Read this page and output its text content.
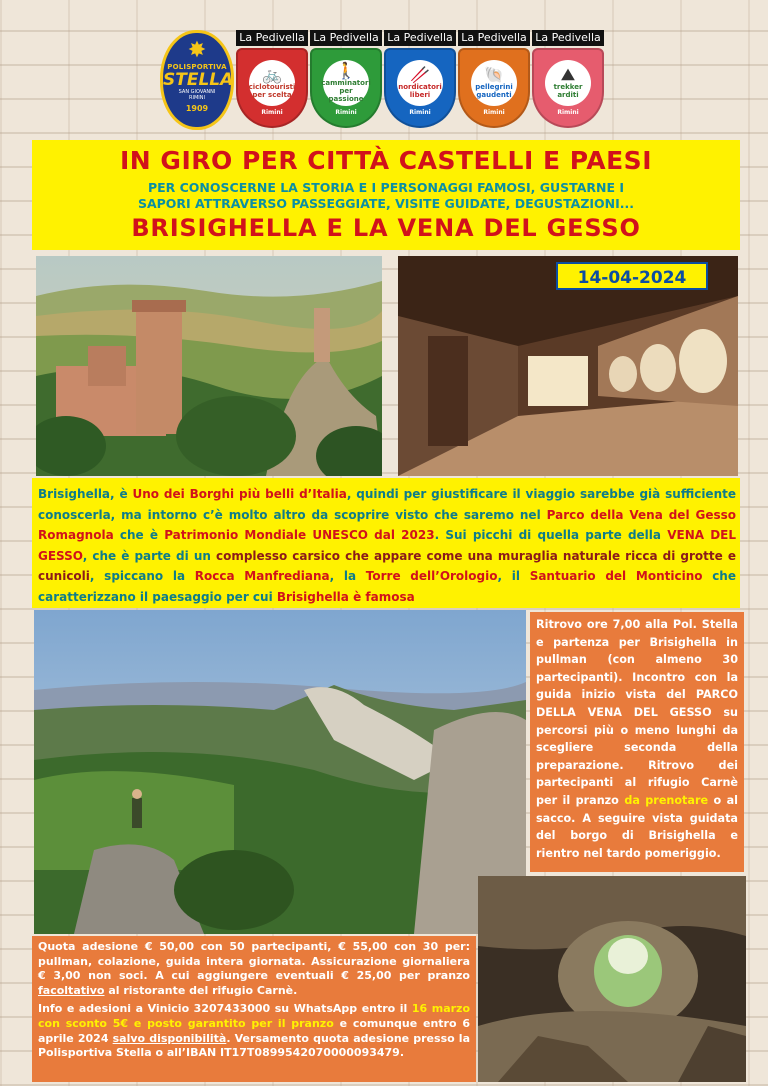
✸
POLISPORTIVA
STELLA
SAN GIOVANNI
RIMINI
1909
La Pedivella
🚲
ciclotouristi per scelta
Rimini
La Pedivella
🚶
camminatori per passione
Rimini
La Pedivella
🥢
nordicatori liberi
Rimini
La Pedivella
🐚
pellegrini gaudenti
Rimini
La Pedivella
⛰
trekker arditi
Rimini
IN GIRO PER CITTÀ CASTELLI E PAESI
PER CONOSCERNE LA STORIA E I PERSONAGGI FAMOSI, GUSTARNE I
SAPORI ATTRAVERSO PASSEGGIATE, VISITE GUIDATE, DEGUSTAZIONI...
BRISIGHELLA E LA VENA DEL GESSO
14-04-2024
Brisighella, è Uno dei Borghi più belli d’Italia, quindi per giustificare il viaggio sarebbe già sufficiente conoscerla, ma intorno c’è molto altro da scoprire visto che saremo nel Parco della Vena del Gesso Romagnola che è Patrimonio Mondiale UNESCO dal 2023. Sui picchi di quella parte della VENA DEL GESSO, che è parte di un complesso carsico che appare come una muraglia naturale ricca di grotte e cunicoli, spiccano la Rocca Manfrediana, la Torre dell’Orologio, il Santuario del Monticino che caratterizzano il paesaggio per cui Brisighella è famosa
Ritrovo ore 7,00 alla Pol. Stella e partenza per Brisighella in pullman (con almeno 30 partecipanti). Incontro con la guida inizio vista del PARCO DELLA VENA DEL GESSO su percorsi più o meno lunghi da scegliere seconda della preparazione. Ritrovo dei partecipanti al rifugio Carnè per il pranzo da prenotare o al sacco. A seguire vista guidata del borgo di Brisighella e rientro nel tardo pomeriggio.

Quota adesione € 50,00 con 50 partecipanti, € 55,00 con 30 per: pullman, colazione, guida intera giornata. Assicurazione giornaliera € 3,00 non soci. A cui aggiungere eventuali € 25,00 per pranzo facoltativo al ristorante del rifugio Carnè.

Info e adesioni a Vinicio 3207433000 su WhatsApp entro il 16 marzo con sconto 5€ e posto garantito per il pranzo e comunque entro 6 aprile 2024 salvo disponibilità. Versamento quota adesione presso la Polisportiva Stella o all’IBAN IT17T0899542070000093479.
